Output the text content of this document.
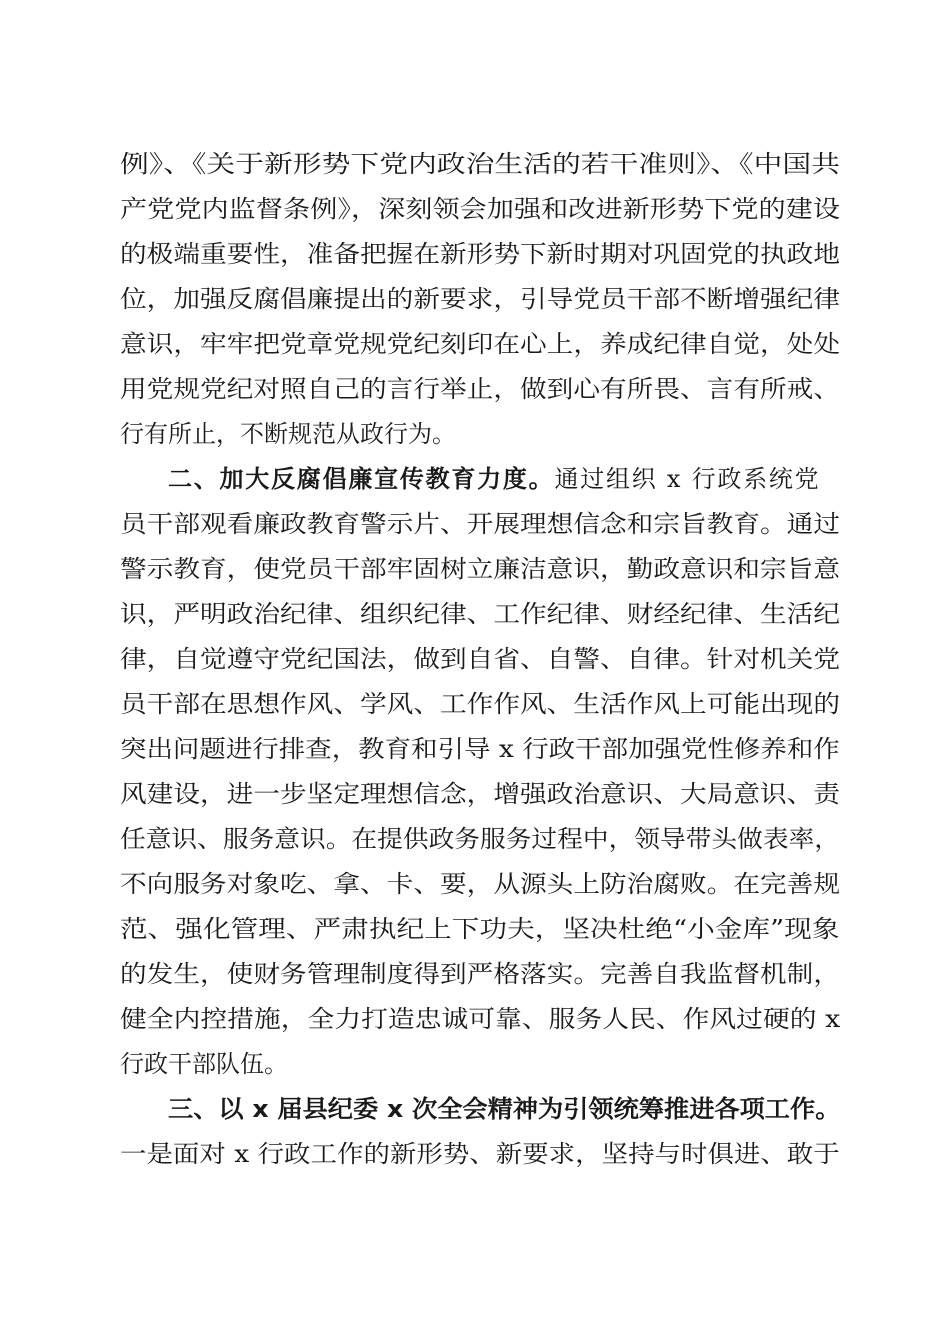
例》、《关于新形势下党内政治生活的若干准则》、《中国共
产党党内监督条例》，深刻领会加强和改进新形势下党的建设
的极端重要性，准备把握在新形势下新时期对巩固党的执政地
位，加强反腐倡廉提出的新要求，引导党员干部不断增强纪律
意识，牢牢把党章党规党纪刻印在心上，养成纪律自觉，处处
用党规党纪对照自己的言行举止，做到心有所畏、言有所戒、
行有所止，不断规范从政行为。
二、加大反腐倡廉宣传教育力度。通过组织 x 行政系统党
员干部观看廉政教育警示片、开展理想信念和宗旨教育。通过
警示教育，使党员干部牢固树立廉洁意识，勤政意识和宗旨意
识，严明政治纪律、组织纪律、工作纪律、财经纪律、生活纪
律，自觉遵守党纪国法，做到自省、自警、自律。针对机关党
员干部在思想作风、学风、工作作风、生活作风上可能出现的
突出问题进行排查，教育和引导 x 行政干部加强党性修养和作
风建设，进一步坚定理想信念，增强政治意识、大局意识、责
任意识、服务意识。在提供政务服务过程中，领导带头做表率，
不向服务对象吃、拿、卡、要，从源头上防治腐败。在完善规
范、强化管理、严肃执纪上下功夫，坚决杜绝“小金库”现象
的发生，使财务管理制度得到严格落实。完善自我监督机制，
健全内控措施，全力打造忠诚可靠、服务人民、作风过硬的 x
行政干部队伍。
三、以 x 届县纪委 x 次全会精神为引领统筹推进各项工作。
一是面对 x 行政工作的新形势、新要求，坚持与时俱进、敢于
